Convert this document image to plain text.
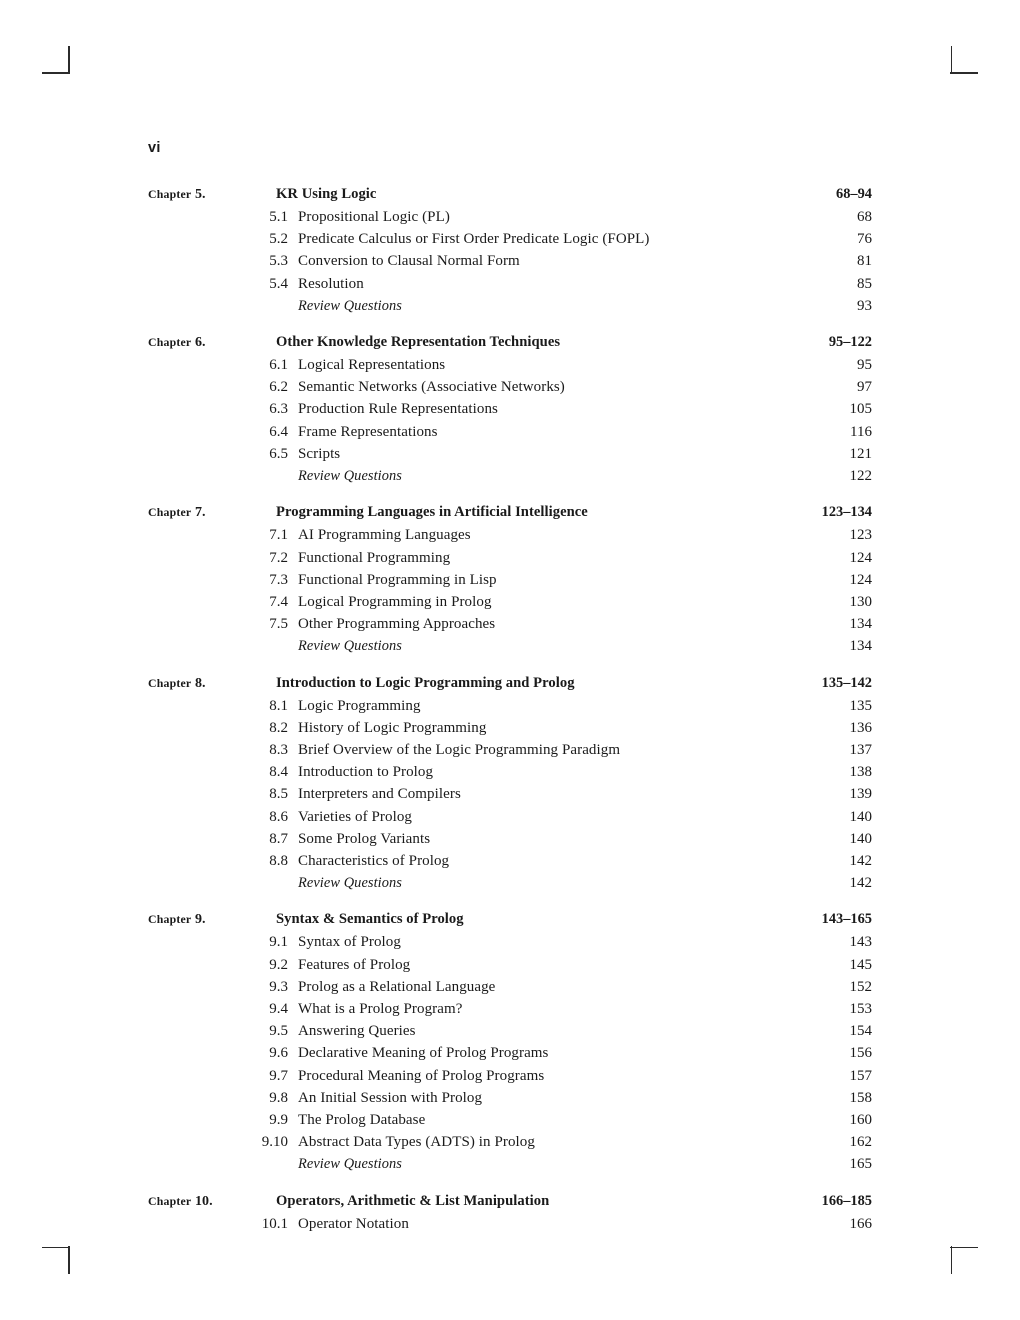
vi
Chapter 5.	KR Using Logic	68–94
5.1 Propositional Logic (PL)	68
5.2 Predicate Calculus or First Order Predicate Logic (FOPL)	76
5.3 Conversion to Clausal Normal Form	81
5.4 Resolution	85
Review Questions	93
Chapter 6.	Other Knowledge Representation Techniques	95–122
6.1 Logical Representations	95
6.2 Semantic Networks (Associative Networks)	97
6.3 Production Rule Representations	105
6.4 Frame Representations	116
6.5 Scripts	121
Review Questions	122
Chapter 7.	Programming Languages in Artificial Intelligence	123–134
7.1 AI Programming Languages	123
7.2 Functional Programming	124
7.3 Functional Programming in Lisp	124
7.4 Logical Programming in Prolog	130
7.5 Other Programming Approaches	134
Review Questions	134
Chapter 8.	Introduction to Logic Programming and Prolog	135–142
8.1 Logic Programming	135
8.2 History of Logic Programming	136
8.3 Brief Overview of the Logic Programming Paradigm	137
8.4 Introduction to Prolog	138
8.5 Interpreters and Compilers	139
8.6 Varieties of Prolog	140
8.7 Some Prolog Variants	140
8.8 Characteristics of Prolog	142
Review Questions	142
Chapter 9.	Syntax & Semantics of Prolog	143–165
9.1 Syntax of Prolog	143
9.2 Features of Prolog	145
9.3 Prolog as a Relational Language	152
9.4 What is a Prolog Program?	153
9.5 Answering Queries	154
9.6 Declarative Meaning of Prolog Programs	156
9.7 Procedural Meaning of Prolog Programs	157
9.8 An Initial Session with Prolog	158
9.9 The Prolog Database	160
9.10 Abstract Data Types (ADTS) in Prolog	162
Review Questions	165
Chapter 10.	Operators, Arithmetic & List Manipulation	166–185
10.1 Operator Notation	166
